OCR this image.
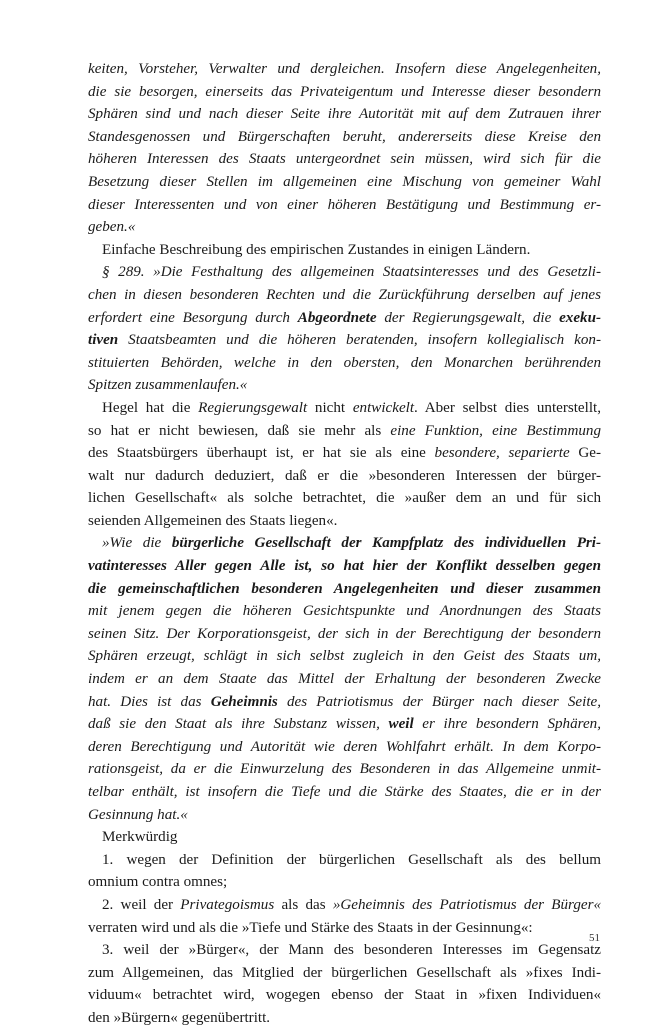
keiten, Vorsteher, Verwalter und dergleichen. Insofern diese Angelegenheiten,
die sie besorgen, einerseits das Privateigentum und Interesse dieser besondern
Sphären sind und nach dieser Seite ihre Autorität mit auf dem Zutrauen ihrer
Standesgenossen und Bürgerschaften beruht, andererseits diese Kreise den
höheren Interessen des Staats untergeordnet sein müssen, wird sich für die
Besetzung dieser Stellen im allgemeinen eine Mischung von gemeiner Wahl
dieser Interessenten und von einer höheren Bestätigung und Bestimmung er-
geben.«
Einfache Beschreibung des empirischen Zustandes in einigen Ländern.
§ 289. »Die Festhaltung des allgemeinen Staatsinteresses und des Gesetzli-
chen in diesen besonderen Rechten und die Zurückführung derselben auf jenes
erfordert eine Besorgung durch Abgeordnete der Regierungsgewalt, die exeku-
tiven Staatsbeamten und die höheren beratenden, insofern kollegialisch kon-
stituierten Behörden, welche in den obersten, den Monarchen berührenden
Spitzen zusammenlaufen.«
Hegel hat die Regierungsgewalt nicht entwickelt. Aber selbst dies unterstellt,
so hat er nicht bewiesen, daß sie mehr als eine Funktion, eine Bestimmung
des Staatsbürgers überhaupt ist, er hat sie als eine besondere, separierte Ge-
walt nur dadurch deduziert, daß er die »besonderen Interessen der bürger-
lichen Gesellschaft« als solche betrachtet, die »außer dem an und für sich
seienden Allgemeinen des Staats liegen«.
»Wie die bürgerliche Gesellschaft der Kampfplatz des individuellen Pri-
vatinteresses Aller gegen Alle ist, so hat hier der Konflikt desselben gegen
die gemeinschaftlichen besonderen Angelegenheiten und dieser zusammen
mit jenem gegen die höheren Gesichtspunkte und Anordnungen des Staats
seinen Sitz. Der Korporationsgeist, der sich in der Berechtigung der besondern
Sphären erzeugt, schlägt in sich selbst zugleich in den Geist des Staats um,
indem er an dem Staate das Mittel der Erhaltung der besonderen Zwecke
hat. Dies ist das Geheimnis des Patriotismus der Bürger nach dieser Seite,
daß sie den Staat als ihre Substanz wissen, weil er ihre besondern Sphären,
deren Berechtigung und Autorität wie deren Wohlfahrt erhält. In dem Korpo-
rationsgeist, da er die Einwurzelung des Besonderen in das Allgemeine unmit-
telbar enthält, ist insofern die Tiefe und die Stärke des Staates, die er in der
Gesinnung hat.«
Merkwürdig
1. wegen der Definition der bürgerlichen Gesellschaft als des bellum
omnium contra omnes;
2. weil der Privategoismus als das »Geheimnis des Patriotismus der Bürger«
verraten wird und als die »Tiefe und Stärke des Staats in der Gesinnung«:
3. weil der »Bürger«, der Mann des besonderen Interesses im Gegensatz
zum Allgemeinen, das Mitglied der bürgerlichen Gesellschaft als »fixes Indi-
viduum« betrachtet wird, wogegen ebenso der Staat in »fixen Individuen«
den »Bürgern« gegenübertritt.
51
